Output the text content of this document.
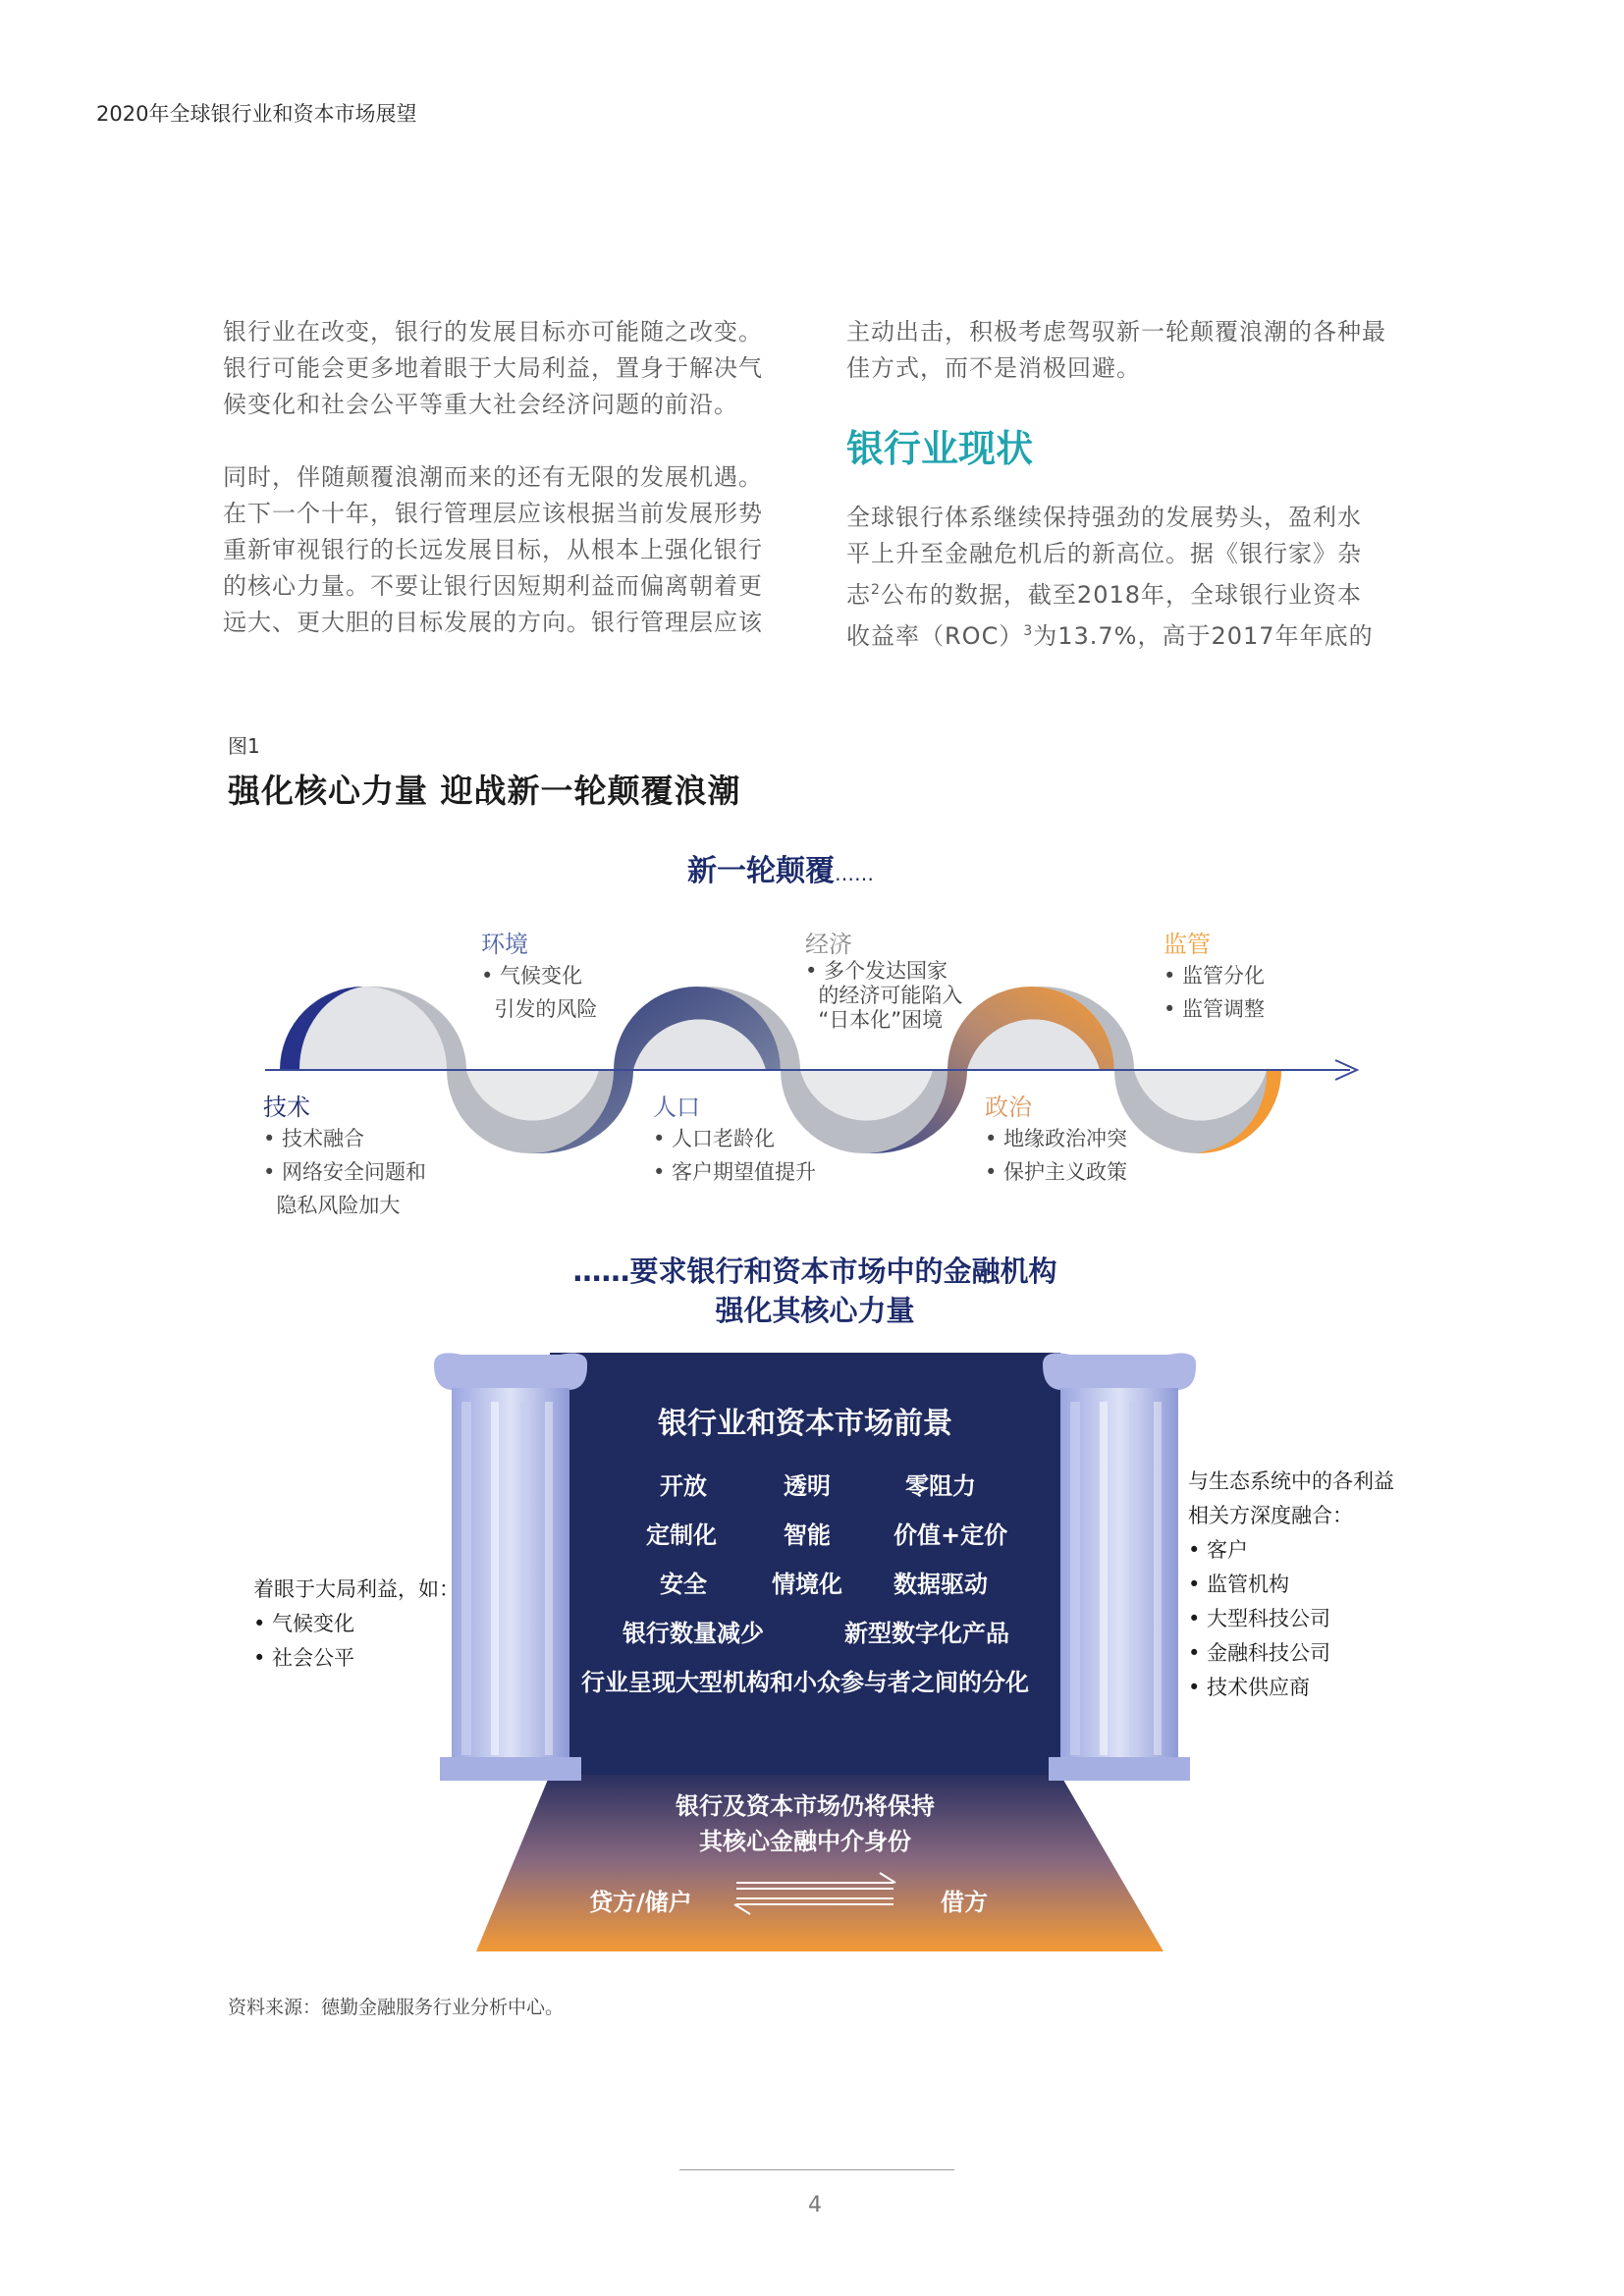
2020年全球银行业和资本市场展望

银行业在改变，银行的发展目标亦可能随之改变。

银行可能会更多地着眼于大局利益，置身于解决气

候变化和社会公平等重大社会经济问题的前沿。

同时，伴随颠覆浪潮而来的还有无限的发展机遇。

在下一个十年，银行管理层应该根据当前发展形势

重新审视银行的长远发展目标，从根本上强化银行

的核心力量。不要让银行因短期利益而偏离朝着更

远大、更大胆的目标发展的方向。银行管理层应该

主动出击，积极考虑驾驭新一轮颠覆浪潮的各种最

佳方式，而不是消极回避。

银行业现状

全球银行体系继续保持强劲的发展势头，盈利水

平上升至金融危机后的新高位。据《银行家》杂

志$^2$公布的数据，截至2018年，全球银行业资本

收益率（ROC）$^3$为13.7%，高于2017年年底的

图1
强化核心力量 迎战新一轮颠覆浪潮
新一轮颠覆……
环境
• 气候变化
引发的风险
经济
• 多个发达国家
的经济可能陷入
“日本化”困境
监管
• 监管分化
• 监管调整
技术
• 技术融合
• 网络安全问题和
隐私风险加大
人口
• 人口老龄化
• 客户期望值提升
政治
• 地缘政治冲突
• 保护主义政策
……要求银行和资本市场中的金融机构
强化其核心力量
银行业和资本市场前景
开放	透明	零阻力
定制化	智能	价值+定价
安全	情境化 数据驱动
银行数量减少	新型数字化产品
行业呈现大型机构和小众参与者之间的分化
银行及资本市场仍将保持
其核心金融中介身份
贷方/储户	借方
着眼于大局利益，如：
• 气候变化
• 社会公平
与生态系统中的各利益
相关方深度融合：
• 客户
• 监管机构
• 大型科技公司
• 金融科技公司
• 技术供应商
资料来源：德勤金融服务行业分析中心。
4
